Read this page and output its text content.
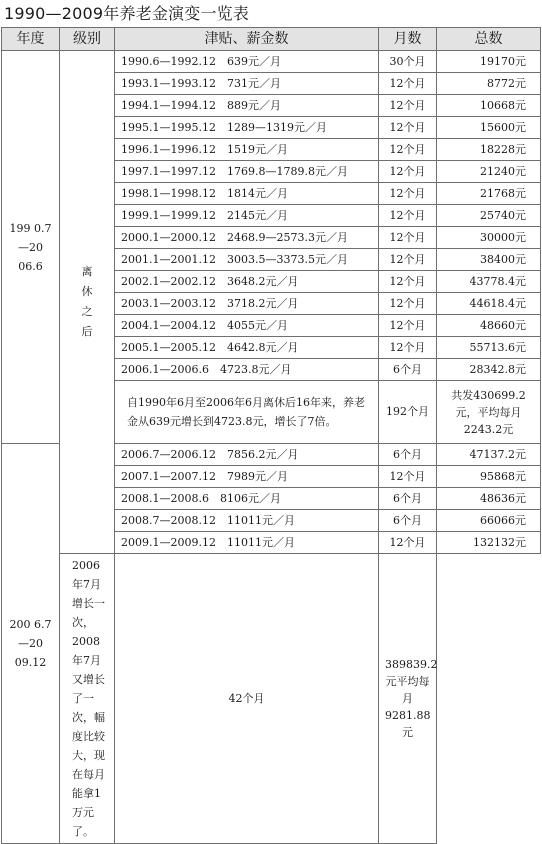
1990—2009年养老金演变一览表
年度	级别	津贴、薪金数	月数	总数
199 0.7—20 06.6	离休之后	1990.6—1992.12　639元／月	30个月	19170元
		1993.1—1993.12　731元／月	12个月	8772元
		1994.1—1994.12　889元／月	12个月	10668元
		1995.1—1995.12　1289—1319元／月	12个月	15600元
		1996.1—1996.12　1519元／月	12个月	18228元
		1997.1—1997.12　1769.8—1789.8元／月	12个月	21240元
		1998.1—1998.12　1814元／月	12个月	21768元
		1999.1—1999.12　2145元／月	12个月	25740元
		2000.1—2000.12　2468.9—2573.3元／月	12个月	30000元
		2001.1—2001.12　3003.5—3373.5元／月	12个月	38400元
		2002.1—2002.12　3648.2元／月	12个月	43778.4元
		2003.1—2003.12　3718.2元／月	12个月	44618.4元
		2004.1—2004.12　4055元／月	12个月	48660元
		2005.1—2005.12　4642.8元／月	12个月	55713.6元
		2006.1—2006.6　4723.8元／月	6个月	28342.8元
		自1990年6月至2006年6月离休后16年来，养老金从639元增长到4723.8元，增长了7倍。	192个月	共发430699.2元，平均每月2243.2元
200 6.7—20 09.12		2006.7—2006.12　7856.2元／月	6个月	47137.2元
		2007.1—2007.12　7989元／月	12个月	95868元
		2008.1—2008.6　8106元／月	6个月	48636元
		2008.7—2008.12　11011元／月	6个月	66066元
		2009.1—2009.12　11011元／月	12个月	132132元
	2006年7月增长一次，2008年7月又增长了一次，幅度比较大，现在每月能拿1万元了。	42个月	389839.2元平均每月9281.88元	
